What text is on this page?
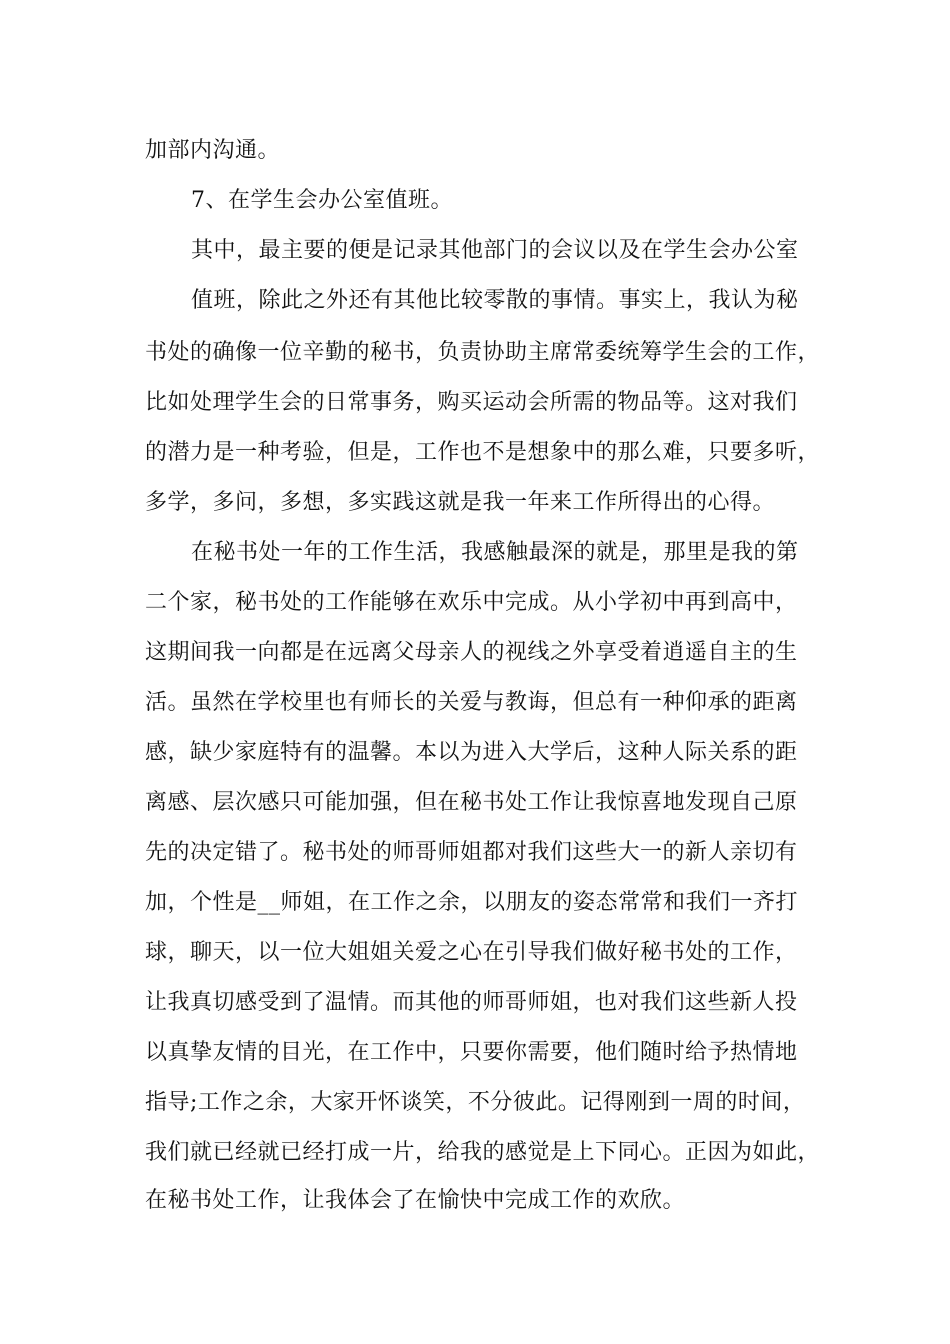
加部内沟通。
7、在学生会办公室值班。
其中，最主要的便是记录其他部门的会议以及在学生会办公室
值班，除此之外还有其他比较零散的事情。事实上，我认为秘
书处的确像一位辛勤的秘书，负责协助主席常委统筹学生会的工作，
比如处理学生会的日常事务，购买运动会所需的物品等。这对我们
的潜力是一种考验，但是，工作也不是想象中的那么难，只要多听，
多学，多问，多想，多实践这就是我一年来工作所得出的心得。
在秘书处一年的工作生活，我感触最深的就是，那里是我的第
二个家，秘书处的工作能够在欢乐中完成。从小学初中再到高中，
这期间我一向都是在远离父母亲人的视线之外享受着逍遥自主的生
活。虽然在学校里也有师长的关爱与教诲，但总有一种仰承的距离
感，缺少家庭特有的温馨。本以为进入大学后，这种人际关系的距
离感、层次感只可能加强，但在秘书处工作让我惊喜地发现自己原
先的决定错了。秘书处的师哥师姐都对我们这些大一的新人亲切有
加，个性是__师姐，在工作之余，以朋友的姿态常常和我们一齐打
球，聊天，以一位大姐姐关爱之心在引导我们做好秘书处的工作，
让我真切感受到了温情。而其他的师哥师姐，也对我们这些新人投
以真挚友情的目光，在工作中，只要你需要，他们随时给予热情地
指导;工作之余，大家开怀谈笑，不分彼此。记得刚到一周的时间，
我们就已经就已经打成一片，给我的感觉是上下同心。正因为如此，
在秘书处工作，让我体会了在愉快中完成工作的欢欣。
